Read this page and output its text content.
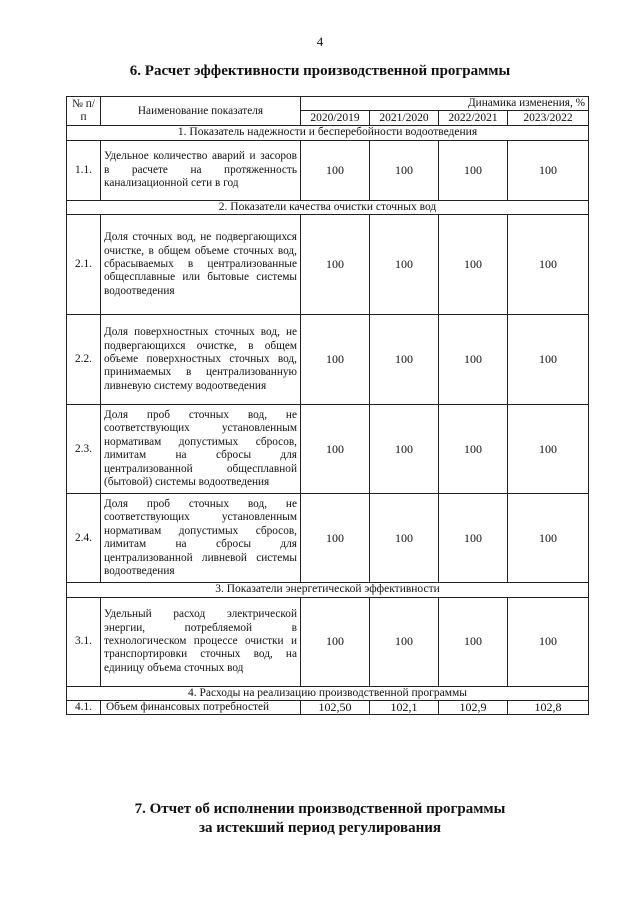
4
6. Расчет эффективности производственной программы
№ п/п	Наименование показателя	Динамика изменения, %			
		2020/2019	2021/2020	2022/2021	2023/2022
1. Показатель надежности и бесперебойности водоотведения					
1.1.	Удельное количество аварий и засоров в расчете на протяженность канализационной сети в год	100	100	100	100
2. Показатели качества очистки сточных вод					
2.1.	Доля сточных вод, не подвергающихся очистке, в общем объеме сточных вод, сбрасываемых в централизованные общесплавные или бытовые системы водоотведения	100	100	100	100
2.2.	Доля поверхностных сточных вод, не подвергающихся очистке, в общем объеме поверхностных сточных вод, принимаемых в централизованную ливневую систему водоотведения	100	100	100	100
2.3.	Доля проб сточных вод, не соответствующих установленным нормативам допустимых сбросов, лимитам на сбросы для централизованной общесплавной (бытовой) системы водоотведения	100	100	100	100
2.4.	Доля проб сточных вод, не соответствующих установленным нормативам допустимых сбросов, лимитам на сбросы для централизованной ливневой системы водоотведения	100	100	100	100
3. Показатели энергетической эффективности					
3.1.	Удельный расход электрической энергии, потребляемой в технологическом процессе очистки и транспортировки сточных вод, на единицу объема сточных вод	100	100	100	100
4. Расходы на реализацию производственной программы					
4.1.	Объем финансовых потребностей	102,50	102,1	102,9	102,8
7. Отчет об исполнении производственной программы
за истекший период регулирования
